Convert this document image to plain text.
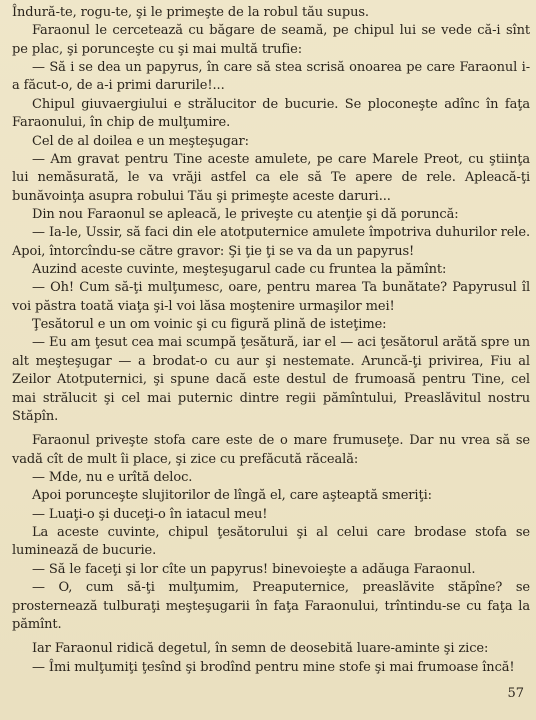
Îndură-te, rogu-te, şi le primeşte de la robul tău supus.

Faraonul le cercetează cu băgare de seamă, pe chipul lui se vede că-i sînt pe plac, şi porunceşte cu şi mai multă trufie:

— Să i se dea un papyrus, în care să stea scrisă onoarea pe care Faraonul i-a făcut-o, de a-i primi darurile!...

Chipul giuvaergiului e strălucitor de bucurie. Se ploconeşte adînc în faţa Faraonului, în chip de mulţumire.

Cel de al doilea e un meşteşugar:

— Am gravat pentru Tine aceste amulete, pe care Marele Preot, cu ştiinţa lui nemăsurată, le va vrăji astfel ca ele să Te apere de rele. Apleacă-ţi bunăvoinţa asupra robului Tău şi primeşte aceste daruri...

Din nou Faraonul se apleacă, le priveşte cu atenţie şi dă poruncă:

— Ia-le, Ussir, să faci din ele atotputernice amulete împotriva duhurilor rele. Apoi, întorcîndu-se către gravor: Şi ţie ţi se va da un papyrus!

Auzind aceste cuvinte, meşteşugarul cade cu fruntea la pămînt:

— Oh! Cum să-ţi mulţumesc, oare, pentru marea Ta bunătate? Papyrusul îl voi păstra toată viaţa şi-l voi lăsa moştenire urmaşilor mei!

Ţesătorul e un om voinic şi cu figură plină de isteţime:

— Eu am ţesut cea mai scumpă ţesătură, iar el — aci ţesătorul arătă spre un alt meşteşugar — a brodat-o cu aur şi nestemate. Aruncă-ţi privirea, Fiu al Zeilor Atotputernici, şi spune dacă este destul de frumoasă pentru Tine, cel mai strălucit şi cel mai puternic dintre regii pămîntului, Preaslăvitul nostru Stăpîn.

Faraonul priveşte stofa care este de o mare frumuseţe. Dar nu vrea să se vadă cît de mult îi place, şi zice cu prefăcută răceală:

— Mde, nu e urîtă deloc.

Apoi porunceşte slujitorilor de lîngă el, care aşteaptă smeriţi:

— Luaţi-o şi duceţi-o în iatacul meu!

La aceste cuvinte, chipul ţesătorului şi al celui care brodase stofa se luminează de bucurie.

— Să le faceţi şi lor cîte un papyrus! binevoieşte a adăuga Faraonul.

— O, cum să-ţi mulţumim, Preaputernice, preaslăvite stăpîne? se prosternează tulburaţi meşteşugarii în faţa Faraonului, trîntindu-se cu faţa la pămînt.

Iar Faraonul ridică degetul, în semn de deosebită luare-aminte şi zice:

— Îmi mulţumiţi ţesînd şi brodînd pentru mine stofe şi mai frumoase încă!

57
